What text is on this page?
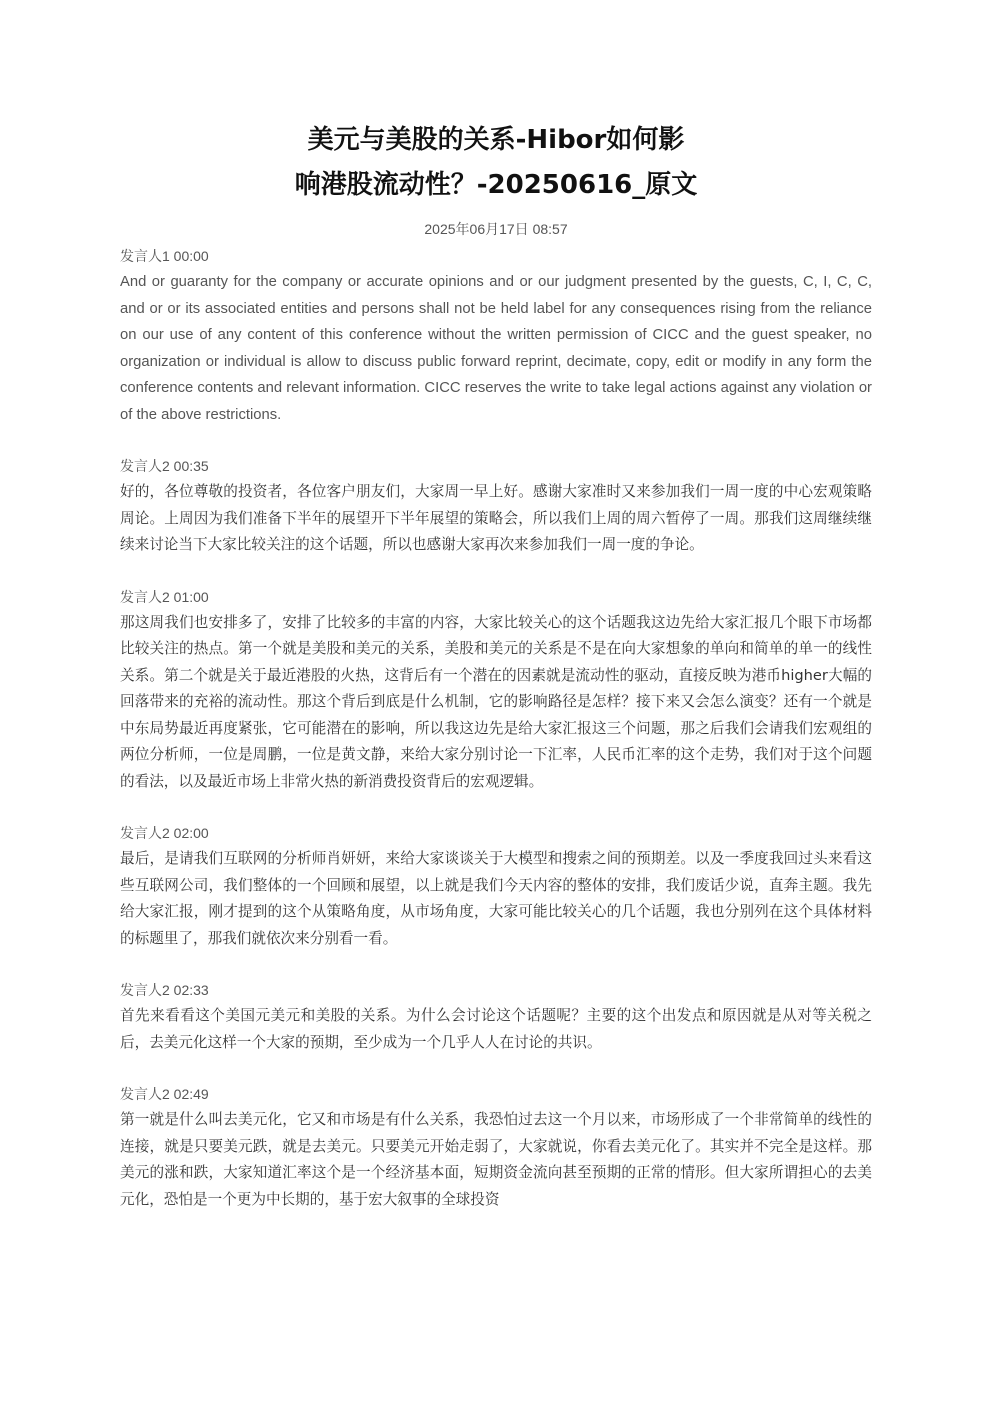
美元与美股的关系-Hibor如何影
响港股流动性？-20250616_原文
2025年06月17日 08:57

发言人1 00:00

And or guaranty for the company or accurate opinions and or our judgment presented by the guests, C, I, C, C, and or or its associated entities and persons shall not be held label for any consequences rising from the reliance on our use of any content of this conference without the written permission of CICC and the guest speaker, no organization or individual is allow to discuss public forward reprint, decimate, copy, edit or modify in any form the conference contents and relevant information. CICC reserves the write to take legal actions against any violation or of the above restrictions.

发言人2 00:35

好的，各位尊敬的投资者，各位客户朋友们，大家周一早上好。感谢大家准时又来参加我们一周一度的中心宏观策略周论。上周因为我们准备下半年的展望开下半年展望的策略会，所以我们上周的周六暂停了一周。那我们这周继续继续来讨论当下大家比较关注的这个话题，所以也感谢大家再次来参加我们一周一度的争论。

发言人2 01:00

那这周我们也安排多了，安排了比较多的丰富的内容，大家比较关心的这个话题我这边先给大家汇报几个眼下市场都比较关注的热点。第一个就是美股和美元的关系，美股和美元的关系是不是在向大家想象的单向和简单的单一的线性关系。第二个就是关于最近港股的火热，这背后有一个潜在的因素就是流动性的驱动，直接反映为港币higher大幅的回落带来的充裕的流动性。那这个背后到底是什么机制，它的影响路径是怎样？接下来又会怎么演变？还有一个就是中东局势最近再度紧张，它可能潜在的影响，所以我这边先是给大家汇报这三个问题，那之后我们会请我们宏观组的两位分析师，一位是周鹏，一位是黄文静，来给大家分别讨论一下汇率，人民币汇率的这个走势，我们对于这个问题的看法，以及最近市场上非常火热的新消费投资背后的宏观逻辑。

发言人2 02:00

最后，是请我们互联网的分析师肖妍妍，来给大家谈谈关于大模型和搜索之间的预期差。以及一季度我回过头来看这些互联网公司，我们整体的一个回顾和展望，以上就是我们今天内容的整体的安排，我们废话少说，直奔主题。我先给大家汇报，刚才提到的这个从策略角度，从市场角度，大家可能比较关心的几个话题，我也分别列在这个具体材料的标题里了，那我们就依次来分别看一看。

发言人2 02:33

首先来看看这个美国元美元和美股的关系。为什么会讨论这个话题呢？主要的这个出发点和原因就是从对等关税之后，去美元化这样一个大家的预期，至少成为一个几乎人人在讨论的共识。

发言人2 02:49

第一就是什么叫去美元化，它又和市场是有什么关系，我恐怕过去这一个月以来，市场形成了一个非常简单的线性的连接，就是只要美元跌，就是去美元。只要美元开始走弱了，大家就说，你看去美元化了。其实并不完全是这样。那美元的涨和跌，大家知道汇率这个是一个经济基本面，短期资金流向甚至预期的正常的情形。但大家所谓担心的去美元化，恐怕是一个更为中长期的，基于宏大叙事的全球投资
